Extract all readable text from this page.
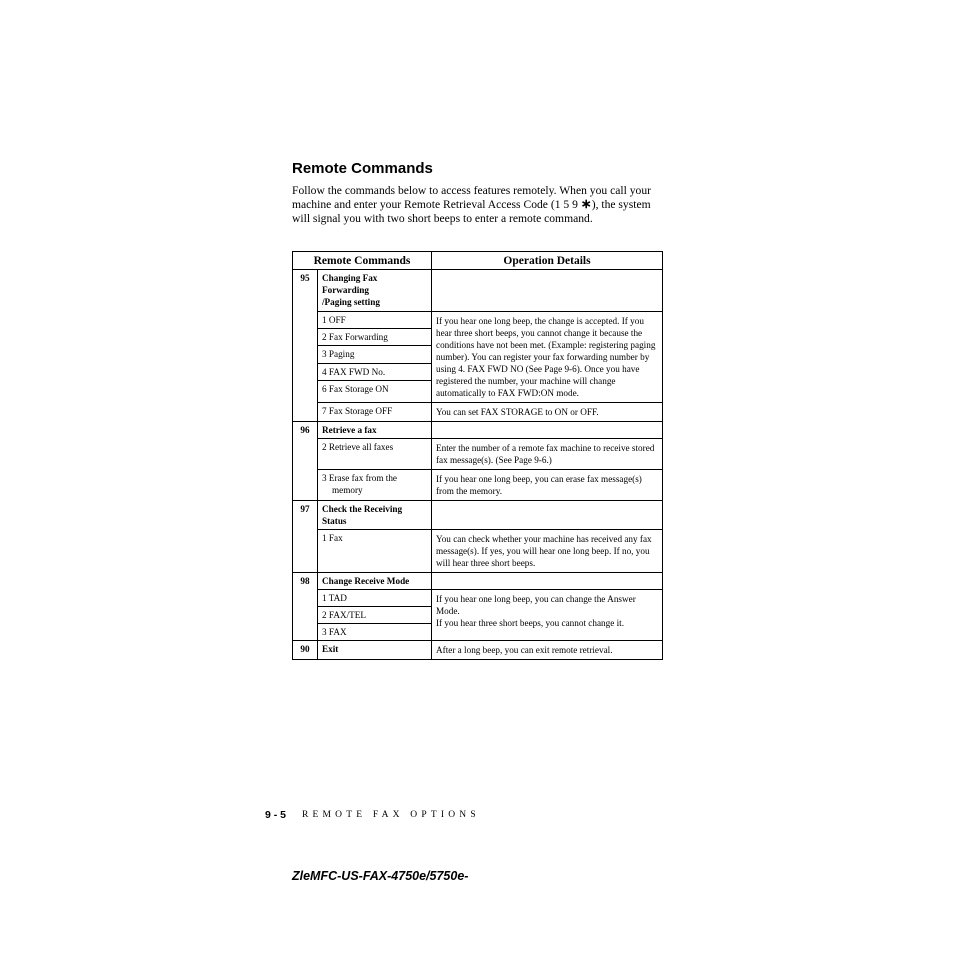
Remote Commands
Follow the commands below to access features remotely. When you call your machine and enter your Remote Retrieval Access Code (1 5 9 ∗), the system will signal you with two short beeps to enter a remote command.
Remote Commands		Operation Details
95	Changing Fax
Forwarding
/Paging setting	

	1 OFF	If you hear one long beep, the change is accepted. If you hear three short beeps, you cannot change it because the conditions have not been met. (Example: registering paging number). You can register your fax forwarding number by using 4. FAX FWD NO (See Page 9-6). Once you have registered the number, your machine will change automatically to FAX FWD:ON mode.
	2 Fax Forwarding	
	3 Paging	
	4 FAX FWD No.	
	6 Fax Storage ON	
	7 Fax Storage OFF	You can set FAX STORAGE to ON or OFF.
96	Retrieve a fax	
	2 Retrieve all faxes	Enter the number of a remote fax machine to receive stored fax message(s). (See Page 9-6.)

	3 Erase fax from the
memory	If you hear one long beep, you can erase fax message(s) from the memory.
97	Check the Receiving
Status	

	1 Fax	You can check whether your machine has received any fax message(s). If yes, you will hear one long beep. If no, you will hear three short beeps.
98	Change Receive Mode	
	1 TAD	If you hear one long beep, you can change the Answer Mode.
If you hear three short beeps, you cannot change it.

	2 FAX/TEL	
	3 FAX	
90	Exit	After a long beep, you can exit remote retrieval.
9 - 5 REMOTE FAX OPTIONS
ZleMFC-US-FAX-4750e/5750e-
